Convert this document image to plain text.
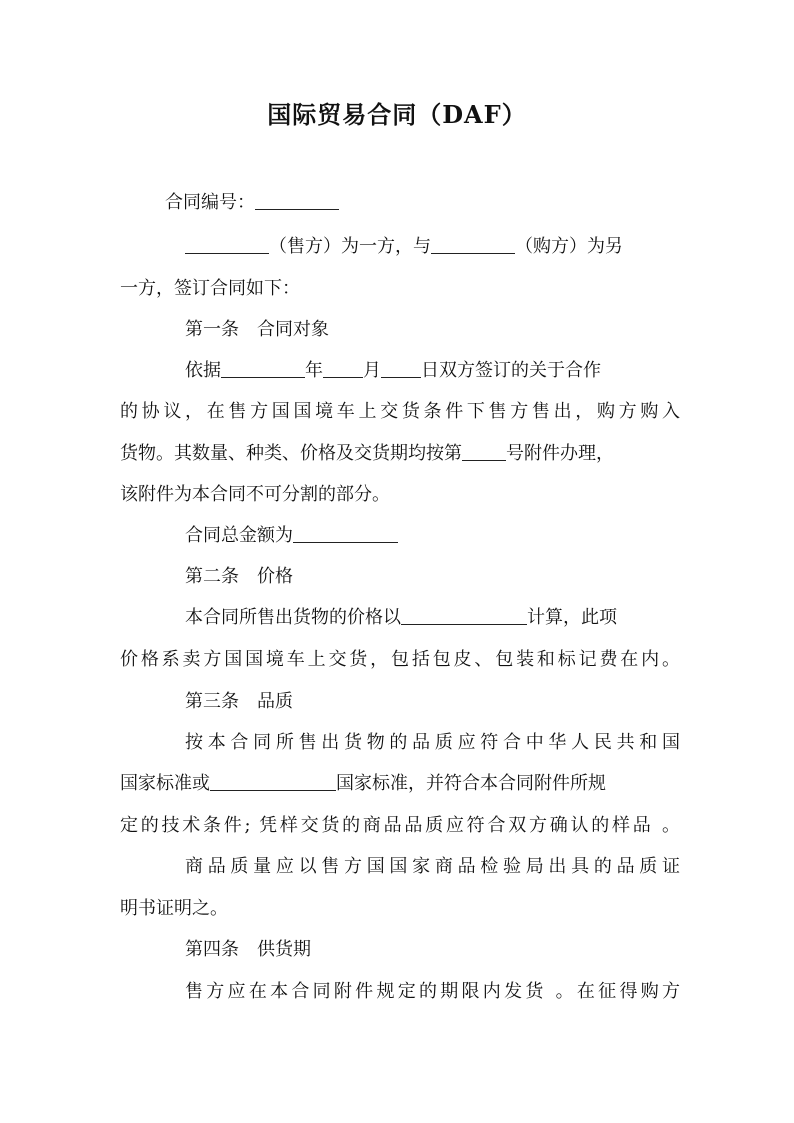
国际贸易合同（DAF）
合同编号：
（售方）为一方，与	（购方）为另
一方，签订合同如下：
第一条　合同对象
依据	年 月 日双方签订的关于合作
的协议，在售方国国境车上交货条件下售方售出，购方购入
货物。其数量、种类、价格及交货期均按第 号附件办理，
该附件为本合同不可分割的部分。
合同总金额为
第二条　价格
本合同所售出货物的价格以	计算，此项
价格系卖方国国境车上交货，包括包皮、包装和标记费在内。
第三条　品质
按本合同所售出货物的品质应符合中华人民共和国
国家标准或	国家标准，并符合本合同附件所规
定的技术条件; 凭样交货的商品品质应符合双方确认的样品 。
商品质量应以售方国国家商品检验局出具的品质证
明书证明之。
第四条　供货期
售方应在本合同附件规定的期限内发货 。在征得购方
